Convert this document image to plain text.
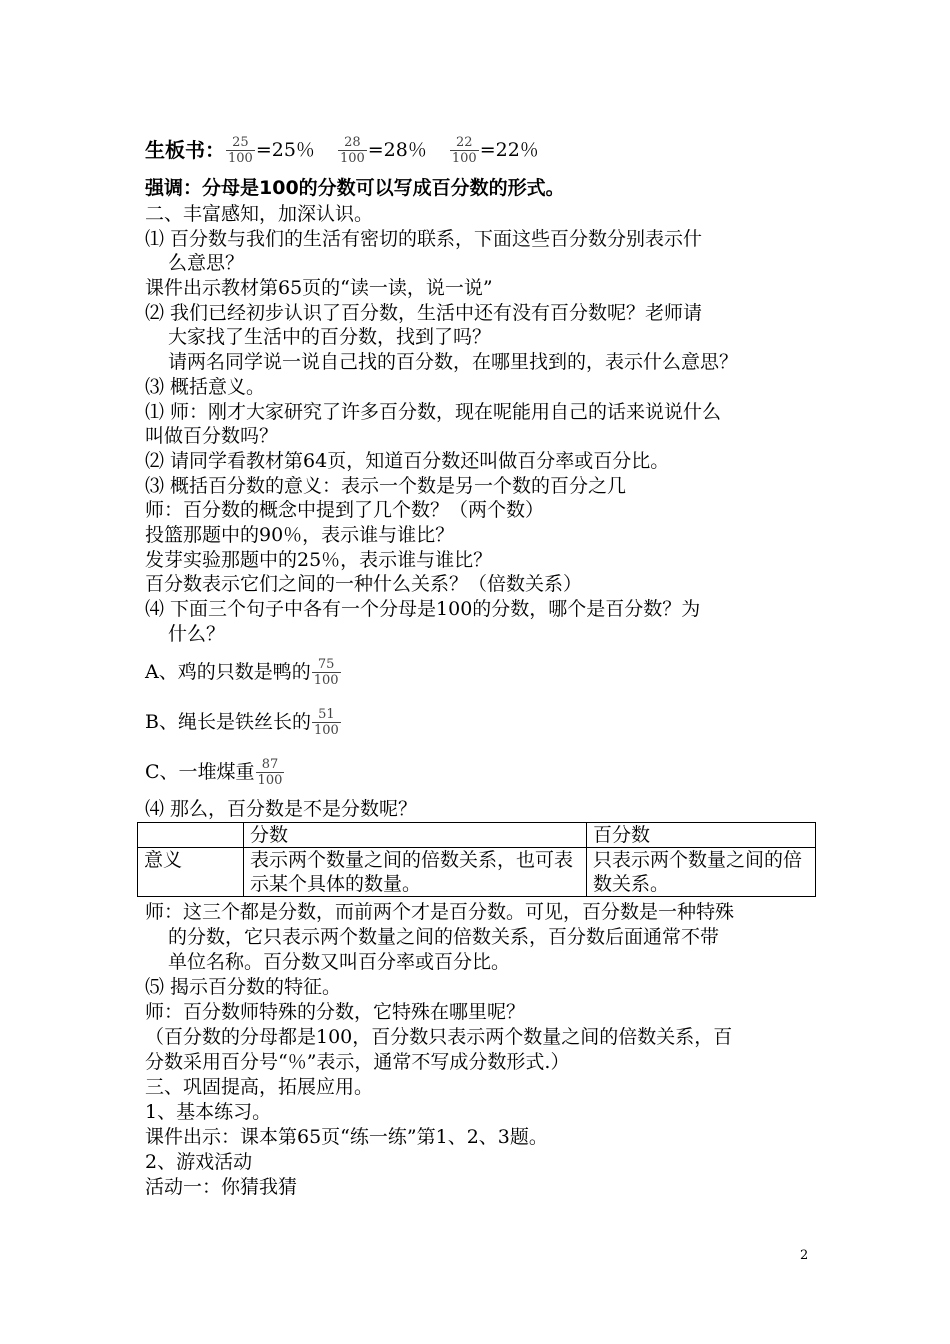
生板书： $\frac{25}{100} =25$％ $\frac{28}{100} =28$％ $\frac{22}{100} =22$％
强调：分母是100的分数可以写成百分数的形式。
二、丰富感知，加深认识。
⑴ 百分数与我们的生活有密切的联系，下面这些百分数分别表示什
么意思？
课件出示教材第65页的“读一读，说一说”
⑵ 我们已经初步认识了百分数，生活中还有没有百分数呢？老师请
大家找了生活中的百分数，找到了吗？
请两名同学说一说自己找的百分数，在哪里找到的，表示什么意思？
⑶ 概括意义。
⑴ 师：刚才大家研究了许多百分数，现在呢能用自己的话来说说什么
叫做百分数吗？
⑵ 请同学看教材第64页，知道百分数还叫做百分率或百分比。
⑶ 概括百分数的意义：表示一个数是另一个数的百分之几
师：百分数的概念中提到了几个数？（两个数）
投篮那题中的90％，表示谁与谁比？
发芽实验那题中的25％，表示谁与谁比？
百分数表示它们之间的一种什么关系？（倍数关系）
⑷ 下面三个句子中各有一个分母是100的分数，哪个是百分数？为
什么？
A、鸡的只数是鸭的 $\frac{75}{100}$
B、绳长是铁丝长的 $\frac{51}{100}$
C、一堆煤重 $\frac{87}{100}$
⑷ 那么，百分数是不是分数呢？
	分数	百分数
意义	表示两个数量之间的倍数关系，也可表示某个具体的数量。	只表示两个数量之间的倍数关系。
师：这三个都是分数，而前两个才是百分数。可见，百分数是一种特殊
的分数，它只表示两个数量之间的倍数关系，百分数后面通常不带
单位名称。百分数又叫百分率或百分比。
⑸ 揭示百分数的特征。
师：百分数师特殊的分数，它特殊在哪里呢？
（百分数的分母都是100，百分数只表示两个数量之间的倍数关系，百
分数采用百分号“％”表示，通常不写成分数形式.）
三、巩固提高，拓展应用。
1、基本练习。
课件出示：课本第65页“练一练”第1、2、3题。
2、游戏活动
活动一：你猜我猜
2
